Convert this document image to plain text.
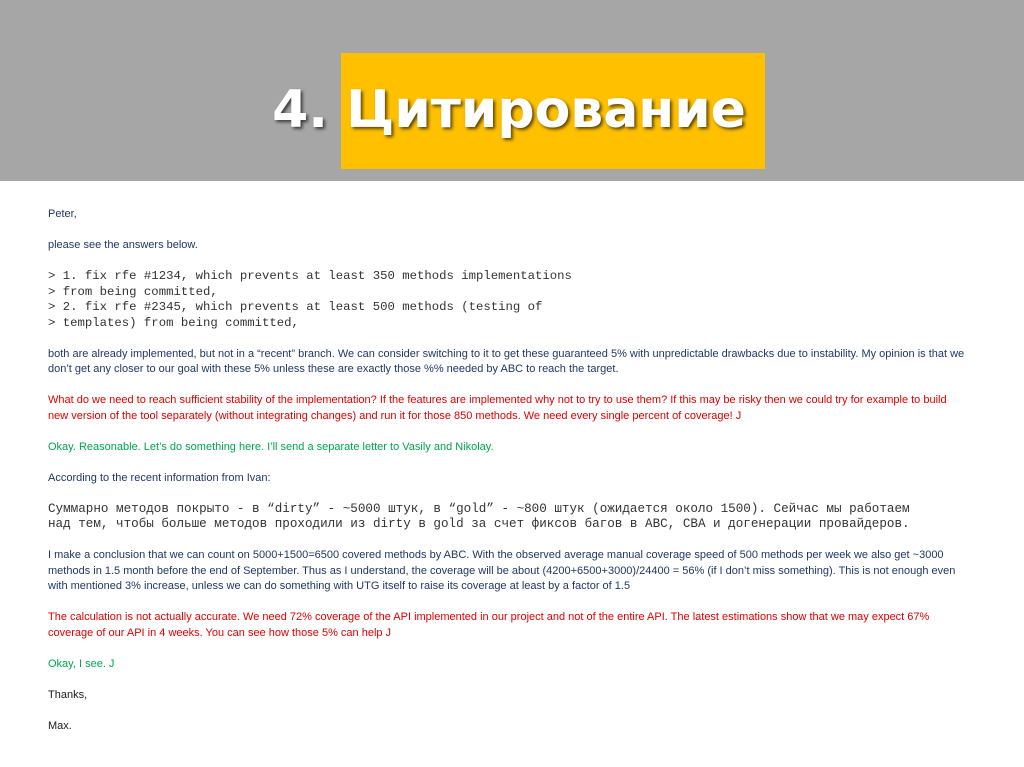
4. Цитирование

Peter,

please see the answers below.

> 1. fix rfe #1234, which prevents at least 350 methods implementations
> from being committed,
> 2. fix rfe #2345, which prevents at least 500 methods (testing of
> templates) from being committed,

both are already implemented, but not in a “recent” branch. We can consider switching to it to get these guaranteed 5% with unpredictable drawbacks due to instability. My opinion is that we don’t get any closer to our goal with these 5% unless these are exactly those %% needed by ABC to reach the target.

What do we need to reach sufficient stability of the implementation? If the features are implemented why not to try to use them? If this may be risky then we could try for example to build new version of the tool separately (without integrating changes) and run it for those 850 methods. We need every single percent of coverage! J

Okay. Reasonable. Let’s do something here. I’ll send a separate letter to Vasily and Nikolay.

According to the recent information from Ivan:

Суммарно методов покрыто - в “dirty” - ~5000 штук, в “gold” - ~800 штук (ожидается около 1500). Сейчас мы работаем
над тем, чтобы больше методов проходили из dirty в gold за счет фиксов багов в ABC, CBA и догенерации провайдеров.

I make a conclusion that we can count on 5000+1500=6500 covered methods by ABC. With the observed average manual coverage speed of 500 methods per week we also get ~3000 methods in 1.5 month before the end of September. Thus as I understand, the coverage will be about (4200+6500+3000)/24400 = 56% (if I don’t miss something). This is not enough even with mentioned 3% increase, unless we can do something with UTG itself to raise its coverage at least by a factor of 1.5

The calculation is not actually accurate. We need 72% coverage of the API implemented in our project and not of the entire API. The latest estimations show that we may expect 67% coverage of our API in 4 weeks. You can see how those 5% can help J

Okay, I see. J

Thanks,

Max.
